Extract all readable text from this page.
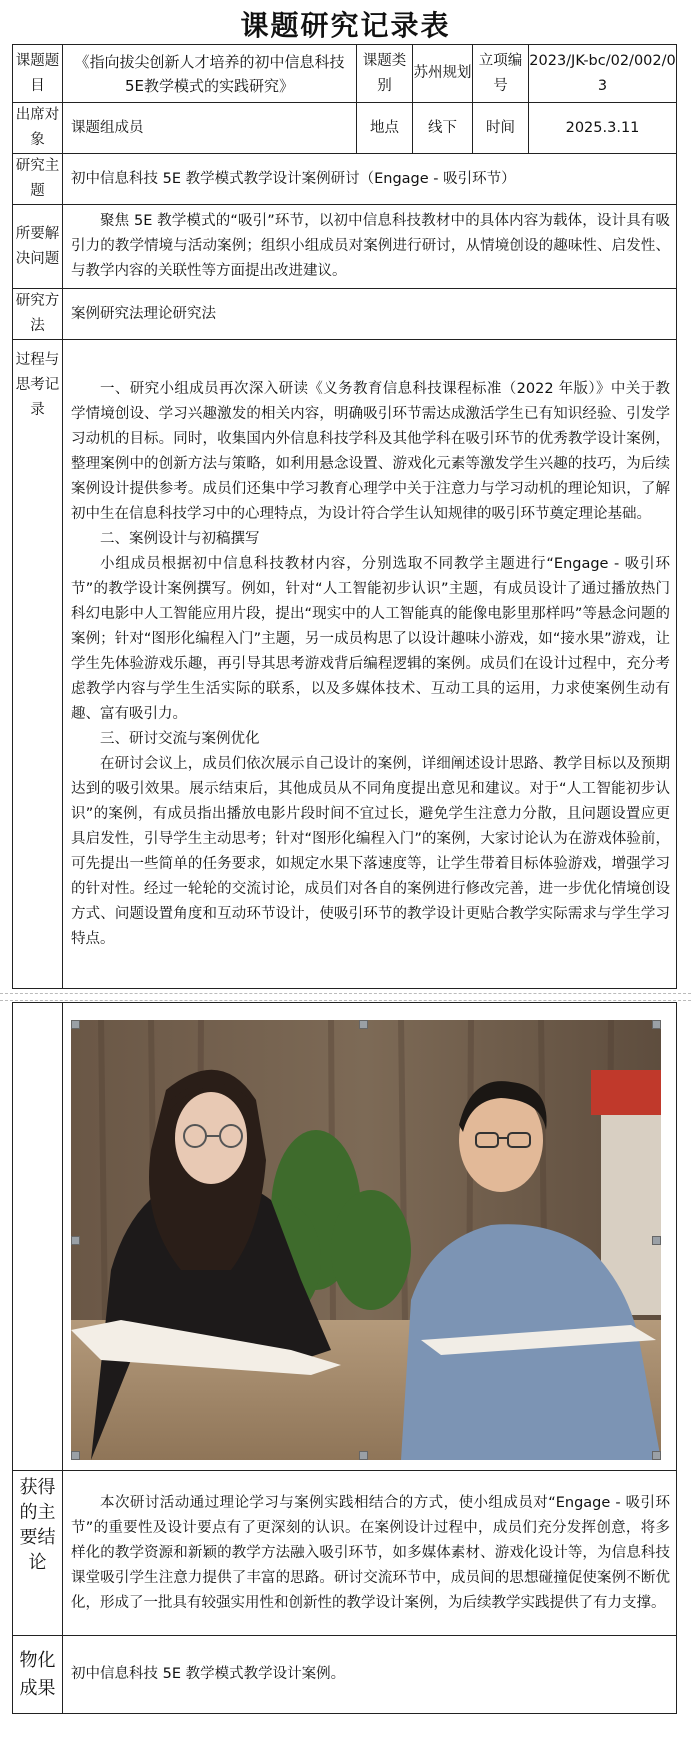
课题研究记录表
课题题目	《指向拔尖创新人才培养的初中信息科技5E教学模式的实践研究》	课题类别	苏州规划	立项编号	2023/JK-bc/02/002/03
出席对象	课题组成员	地点	线下	时间	2025.3.11
研究主题	初中信息科技 5E 教学模式教学设计案例研讨（Engage - 吸引环节）				
所要解决问题	聚焦 5E 教学模式的“吸引”环节，以初中信息科技教材中的具体内容为载体，设计具有吸引力的教学情境与活动案例；组织小组成员对案例进行研讨，从情境创设的趣味性、启发性、与教学内容的关联性等方面提出改进建议。				

研究方法	案例研究法理论研究法				

过程与思考记录	一、研究小组成员再次深入研读《义务教育信息科技课程标准（2022 年版）》中关于教学情境创设、学习兴趣激发的相关内容，明确吸引环节需达成激活学生已有知识经验、引发学习动机的目标。同时，收集国内外信息科技学科及其他学科在吸引环节的优秀教学设计案例，整理案例中的创新方法与策略，如利用悬念设置、游戏化元素等激发学生兴趣的技巧，为后续案例设计提供参考。成员们还集中学习教育心理学中关于注意力与学习动机的理论知识，了解初中生在信息科技学习中的心理特点，为设计符合学生认知规律的吸引环节奠定理论基础。

二、案例设计与初稿撰写

小组成员根据初中信息科技教材内容，分别选取不同教学主题进行“Engage - 吸引环节”的教学设计案例撰写。例如，针对“人工智能初步认识”主题，有成员设计了通过播放热门科幻电影中人工智能应用片段，提出“现实中的人工智能真的能像电影里那样吗”等悬念问题的案例；针对“图形化编程入门”主题，另一成员构思了以设计趣味小游戏，如“接水果”游戏，让学生先体验游戏乐趣，再引导其思考游戏背后编程逻辑的案例。成员们在设计过程中，充分考虑教学内容与学生生活实际的联系，以及多媒体技术、互动工具的运用，力求使案例生动有趣、富有吸引力。

三、研讨交流与案例优化

在研讨会议上，成员们依次展示自己设计的案例，详细阐述设计思路、教学目标以及预期达到的吸引效果。展示结束后，其他成员从不同角度提出意见和建议。对于“人工智能初步认识”的案例，有成员指出播放电影片段时间不宜过长，避免学生注意力分散，且问题设置应更具启发性，引导学生主动思考；针对“图形化编程入门”的案例，大家讨论认为在游戏体验前，可先提出一些简单的任务要求，如规定水果下落速度等，让学生带着目标体验游戏，增强学习的针对性。经过一轮轮的交流讨论，成员们对各自的案例进行修改完善，进一步优化情境创设方式、问题设置角度和互动环节设计，使吸引环节的教学设计更贴合教学实际需求与学生学习特点。				

获得的主要结论	本次研讨活动通过理论学习与案例实践相结合的方式，使小组成员对“Engage - 吸引环节”的重要性及设计要点有了更深刻的认识。在案例设计过程中，成员们充分发挥创意，将多样化的教学资源和新颖的教学方法融入吸引环节，如多媒体素材、游戏化设计等，为信息科技课堂吸引学生注意力提供了丰富的思路。研讨交流环节中，成员间的思想碰撞促使案例不断优化，形成了一批具有较强实用性和创新性的教学设计案例，为后续教学实践提供了有力支撑。

物化成果	初中信息科技 5E 教学模式教学设计案例。
